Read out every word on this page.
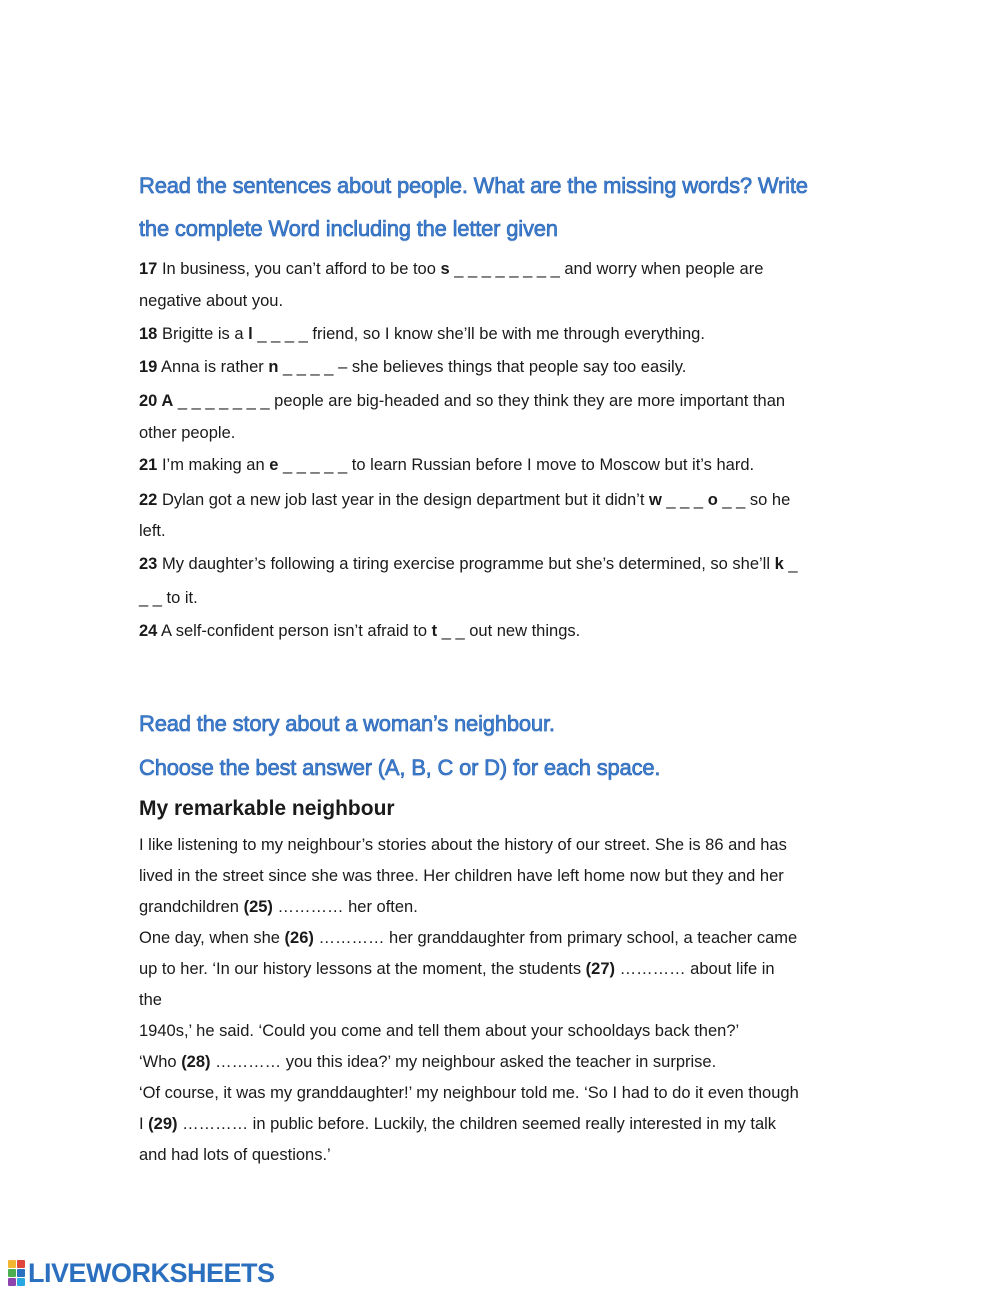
Read the sentences about people. What are the missing words? Write
the complete Word including the letter given
17 In business, you can’t afford to be too s _ _ _ _ _ _ _ _ and worry when people are
negative about you.
18 Brigitte is a l _ _ _ _ friend, so I know she’ll be with me through everything.
19 Anna is rather n _ _ _ _ – she believes things that people say too easily.
20 A _ _ _ _ _ _ _ people are big-headed and so they think they are more important than
other people.
21 I’m making an e _ _ _ _ _ to learn Russian before I move to Moscow but it’s hard.
22 Dylan got a new job last year in the design department but it didn’t w _ _ _ o _ _ so he
left.
23 My daughter’s following a tiring exercise programme but she’s determined, so she’ll k _
_ _ to it.
24 A self-confident person isn’t afraid to t _ _ out new things.
Read the story about a woman’s neighbour.
Choose the best answer (A, B, C or D) for each space.
My remarkable neighbour
I like listening to my neighbour’s stories about the history of our street. She is 86 and has
lived in the street since she was three. Her children have left home now but they and her
grandchildren (25) ………… her often.
One day, when she (26) ………… her granddaughter from primary school, a teacher came
up to her. ‘In our history lessons at the moment, the students (27) ………… about life in
the
1940s,’ he said. ‘Could you come and tell them about your schooldays back then?’
‘Who (28) ………… you this idea?’ my neighbour asked the teacher in surprise.
‘Of course, it was my granddaughter!’ my neighbour told me. ‘So I had to do it even though
I (29) ………… in public before. Luckily, the children seemed really interested in my talk
and had lots of questions.’
LIVEWORKSHEETS
